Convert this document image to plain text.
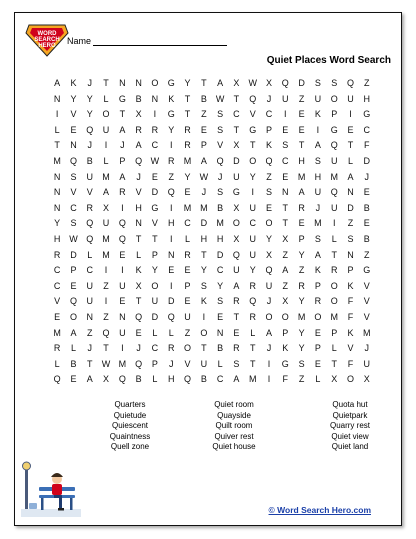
WORD
SEARCH
HERO Name
Quiet Places Word Search
A	K	J	T	N	N	O	G	Y	T	A	X	W	X	Q	D	S	S	Q	Z
N	Y	Y	L	G	B	N	K	T	B	W	T	Q	J	U	Z	U	O	U	H
I	V	Y	O	T	X	I	G	T	Z	S	C	V	C	I	E	K	P	I	G
L	E	Q	U	A	R	R	Y	R	E	S	T	G	P	E	E	I	G	E	C
T	N	J	I	J	A	C	I	R	P	V	X	T	K	S	T	A	Q	T	F
M	Q	B	L	P	Q W R	M	A	Q	D	O	Q	C	H	S	U	L	D
N	S	U	M	A	J	E	Z	Y	W	J	U	Y	Z	E	M	H	M	A	J
N	V	V	A	R	V	D	Q	E	J	S	G	I	S	N	A	U	Q	N	E
N	C	R	X	I	H	G	I	M M	B	X	U	E	T	R	J	U	D	B
Y	S	Q	U	Q	N	V	H	C	D	M	O	C	O	T	E	M	I	Z	E
H W Q	M	Q	T	T	I	L	H	H	X	U	Y	X	P	S	L	S	B
R	D	L	M	E	L	P	N	R	T	D	Q	U	X	Z	Y	A	T	N	Z
C	P	C	I	I	K	Y	E	E	Y	C	U	Y	Q	A	Z	K	R	P	G
C	E	U	Z	U	X	O	I	P	S	Y	A	R	U	Z	R	P	O	K	V
V	Q	U	I	E	T	U	D	E	K	S	R	Q	J	X	Y	R	O	F	V
E	O	N	Z	N	Q	D	Q	U	I	E	T	R	O	O	M	O	M	F	V
M	A	Z	Q	U	E	L	L	Z	O	N	E	L	A	P	Y	E	P	K	M
R	L	J	T	I	J	C	R	O	T	B	R	T	J	K	Y	P	L	V	J
L	B	T	W M	Q	P	J	V	U	L	S	T	I	G	S	E	T	F	U
Q	E	A	X	Q	B	L	H	Q	B	C	A	M	I	F	Z	L	X	O	X
Quarters
Quietude
Quiescent
Quaintness
Quell zone
Quiet room
Quayside
Quilt room
Quiver rest
Quiet house
Quota hut
Quietpark
Quarry rest
Quiet view
Quiet land
© Word Search Hero.com
